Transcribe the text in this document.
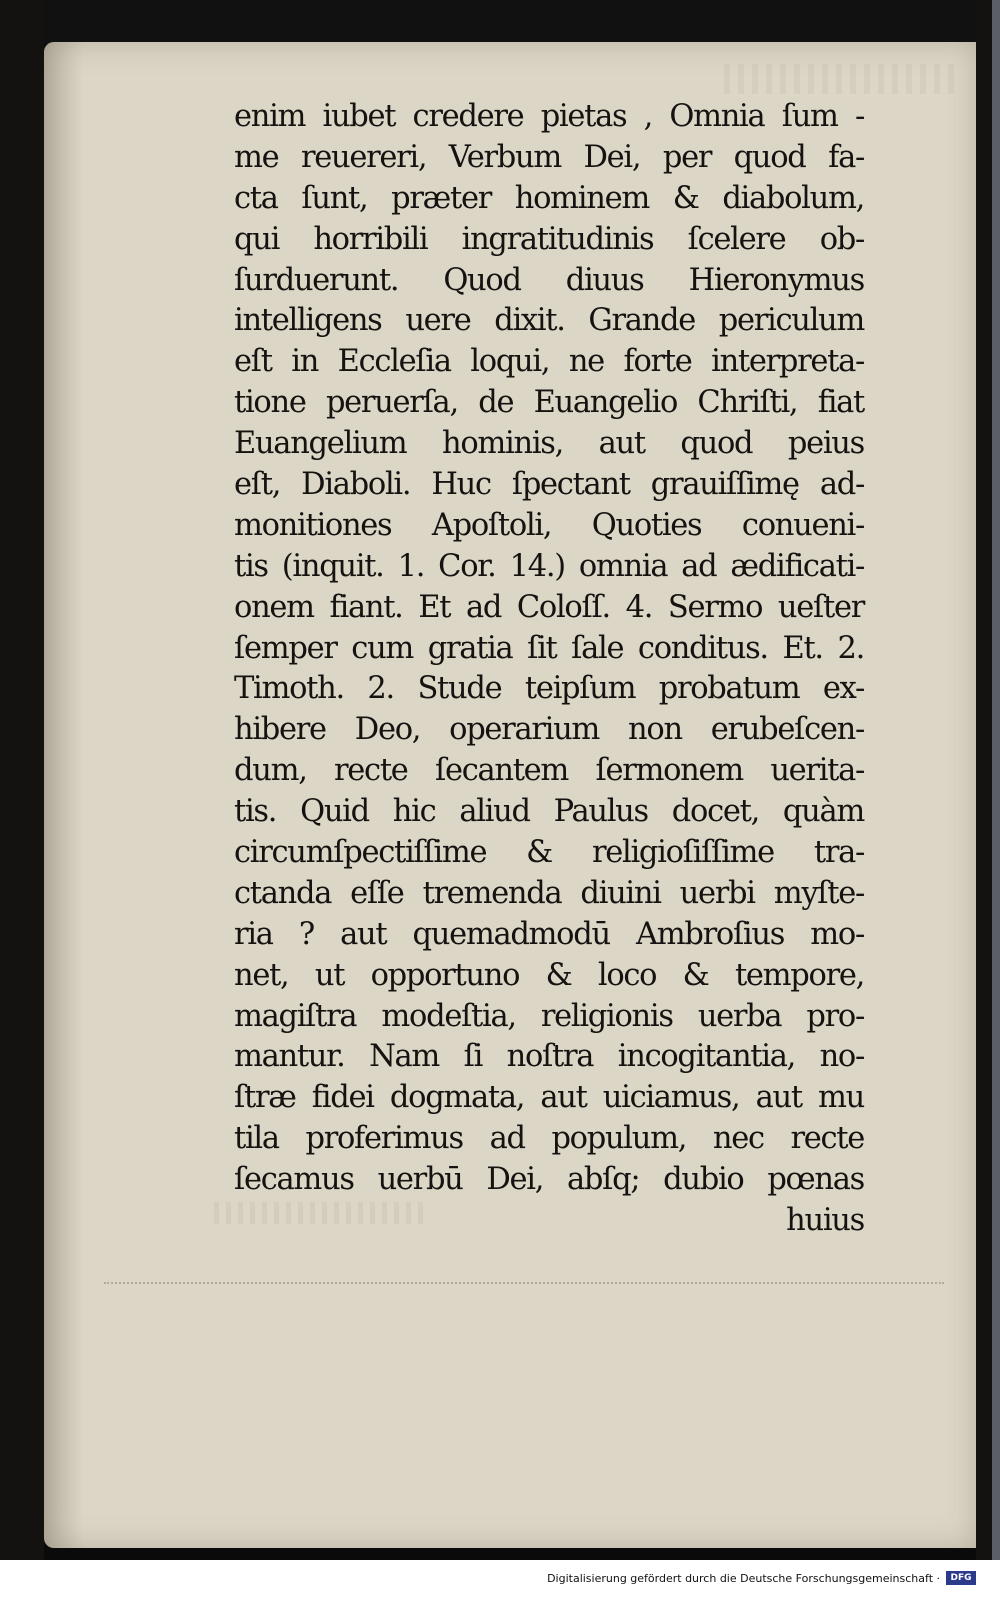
enim iubet credere pietas , Omnia ſum -
me reuereri, Verbum Dei, per quod fa-
cta ſunt, præter hominem & diabolum,
qui horribili ingratitudinis ſcelere ob-
ſurduerunt. Quod diuus Hieronymus
intelligens uere dixit. Grande periculum
eſt in Eccleſia loqui, ne forte interpreta-
tione peruerſa, de Euangelio Chriſti, fiat
Euangelium hominis, aut quod peius
eſt, Diaboli. Huc ſpectant grauiſſimę ad-
monitiones Apoſtoli, Quoties conueni-
tis (inquit. 1. Cor. 14.) omnia ad ædificati-
onem fiant. Et ad Coloſſ. 4. Sermo ueſter
ſemper cum gratia ſit ſale conditus. Et. 2.
Timoth. 2. Stude teipſum probatum ex-
hibere Deo, operarium non erubeſcen-
dum, recte ſecantem ſermonem uerita-
tis. Quid hic aliud Paulus docet, quàm
circumſpectiſſime & religioſiſſime tra-
ctanda eſſe tremenda diuini uerbi myſte-
ria ? aut quemadmodū Ambroſius mo-
net, ut opportuno & loco & tempore,
magiſtra modeſtia, religionis uerba pro-
mantur. Nam ſi noſtra incogitantia, no-
ſtræ fidei dogmata, aut uiciamus, aut mu
tila proferimus ad populum, nec recte
ſecamus uerbū Dei, abſq; dubio pœnas
huius
Digitalisierung gefördert durch die Deutsche Forschungsgemeinschaft ·	DFG
